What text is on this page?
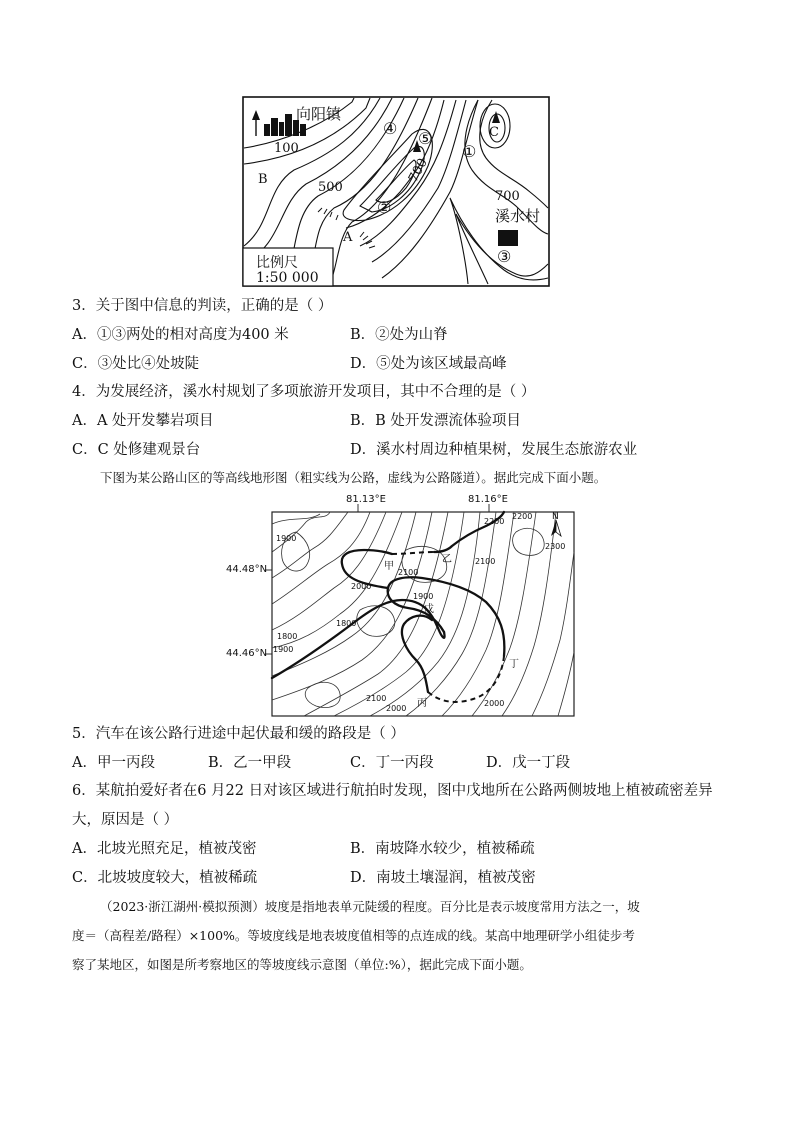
向阳镇
100
500
700
700
B
A
C
溪水村
①
②
③
④
⑤
比例尺
1:50 000
3．关于图中信息的判读，正确的是（ ）
A．①③两处的相对高度为400 米	B．②处为山脊
C．③处比④处坡陡	D．⑤处为该区域最高峰
4．为发展经济，溪水村规划了多项旅游开发项目，其中不合理的是（ ）
A．A 处开发攀岩项目	B．B 处开发漂流体验项目
C．C 处修建观景台	D．溪水村周边种植果树，发展生态旅游农业
下图为某公路山区的等高线地形图（粗实线为公路，虚线为公路隧道）。据此完成下面小题。
81.13°E	81.16°E
44.48°N
44.46°N
N
2200
2200
2300
1900
2100
2100
2000
1900
1800
1800
1900
2100
2000
2000
甲
乙
丙
丁
戊
5．汽车在该公路行进途中起伏最和缓的路段是（ ）
A．甲一丙段	B．乙一甲段	C．丁一丙段	D．戊一丁段
6．某航拍爱好者在6 月22 日对该区域进行航拍时发现，图中戊地所在公路两侧坡地上植被疏密差异
大，原因是（ ）
A．北坡光照充足，植被茂密	B．南坡降水较少，植被稀疏
C．北坡坡度较大，植被稀疏	D．南坡土壤湿润，植被茂密
（2023·浙江湖州·模拟预测）坡度是指地表单元陡缓的程度。百分比是表示坡度常用方法之一，坡
度＝（高程差/路程）×100%。等坡度线是地表坡度值相等的点连成的线。某高中地理研学小组徒步考
察了某地区，如图是所考察地区的等坡度线示意图（单位:%），据此完成下面小题。
